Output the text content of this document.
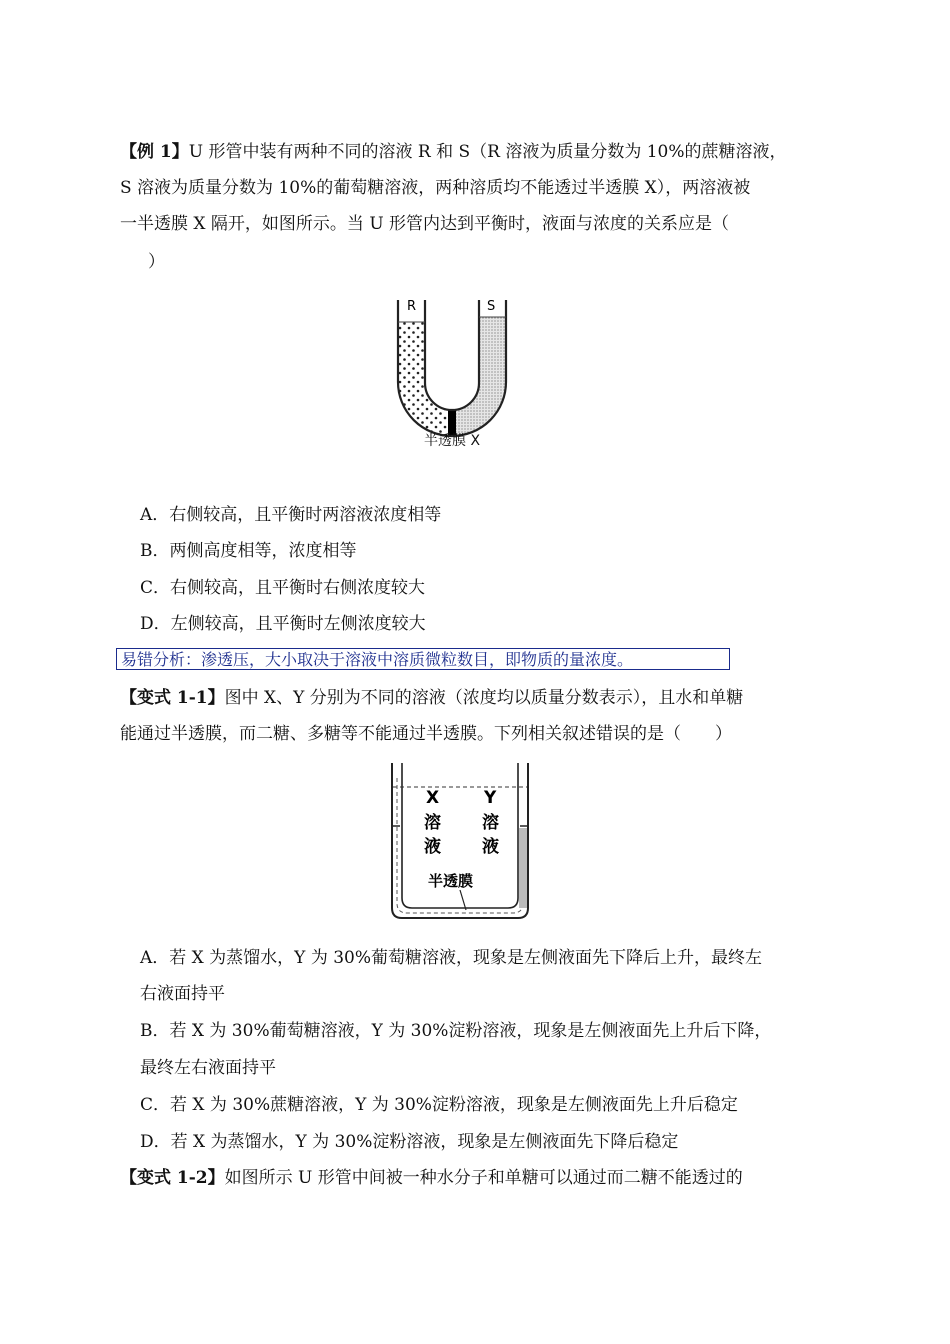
【例 1】U 形管中装有两种不同的溶液 R 和 S（R 溶液为质量分数为 10%的蔗糖溶液，
S 溶液为质量分数为 10%的葡萄糖溶液，两种溶质均不能透过半透膜 X），两溶液被
一半透膜 X 隔开，如图所示。当 U 形管内达到平衡时，液面与浓度的关系应是（
）
R	S
半透膜 X
A．右侧较高，且平衡时两溶液浓度相等
B．两侧高度相等，浓度相等
C．右侧较高，且平衡时右侧浓度较大
D．左侧较高，且平衡时左侧浓度较大
易错分析：渗透压，大小取决于溶液中溶质微粒数目，即物质的量浓度。
【变式 1-1】图中 X、Y 分别为不同的溶液（浓度均以质量分数表示），且水和单糖
能通过半透膜，而二糖、多糖等不能通过半透膜。下列相关叙述错误的是（　　）
X	Y
溶
液
溶
液
半透膜
A．若 X 为蒸馏水，Y 为 30%葡萄糖溶液，现象是左侧液面先下降后上升，最终左
右液面持平
B．若 X 为 30%葡萄糖溶液，Y 为 30%淀粉溶液，现象是左侧液面先上升后下降，
最终左右液面持平
C．若 X 为 30%蔗糖溶液，Y 为 30%淀粉溶液，现象是左侧液面先上升后稳定
D．若 X 为蒸馏水，Y 为 30%淀粉溶液，现象是左侧液面先下降后稳定
【变式 1-2】如图所示 U 形管中间被一种水分子和单糖可以通过而二糖不能透过的
